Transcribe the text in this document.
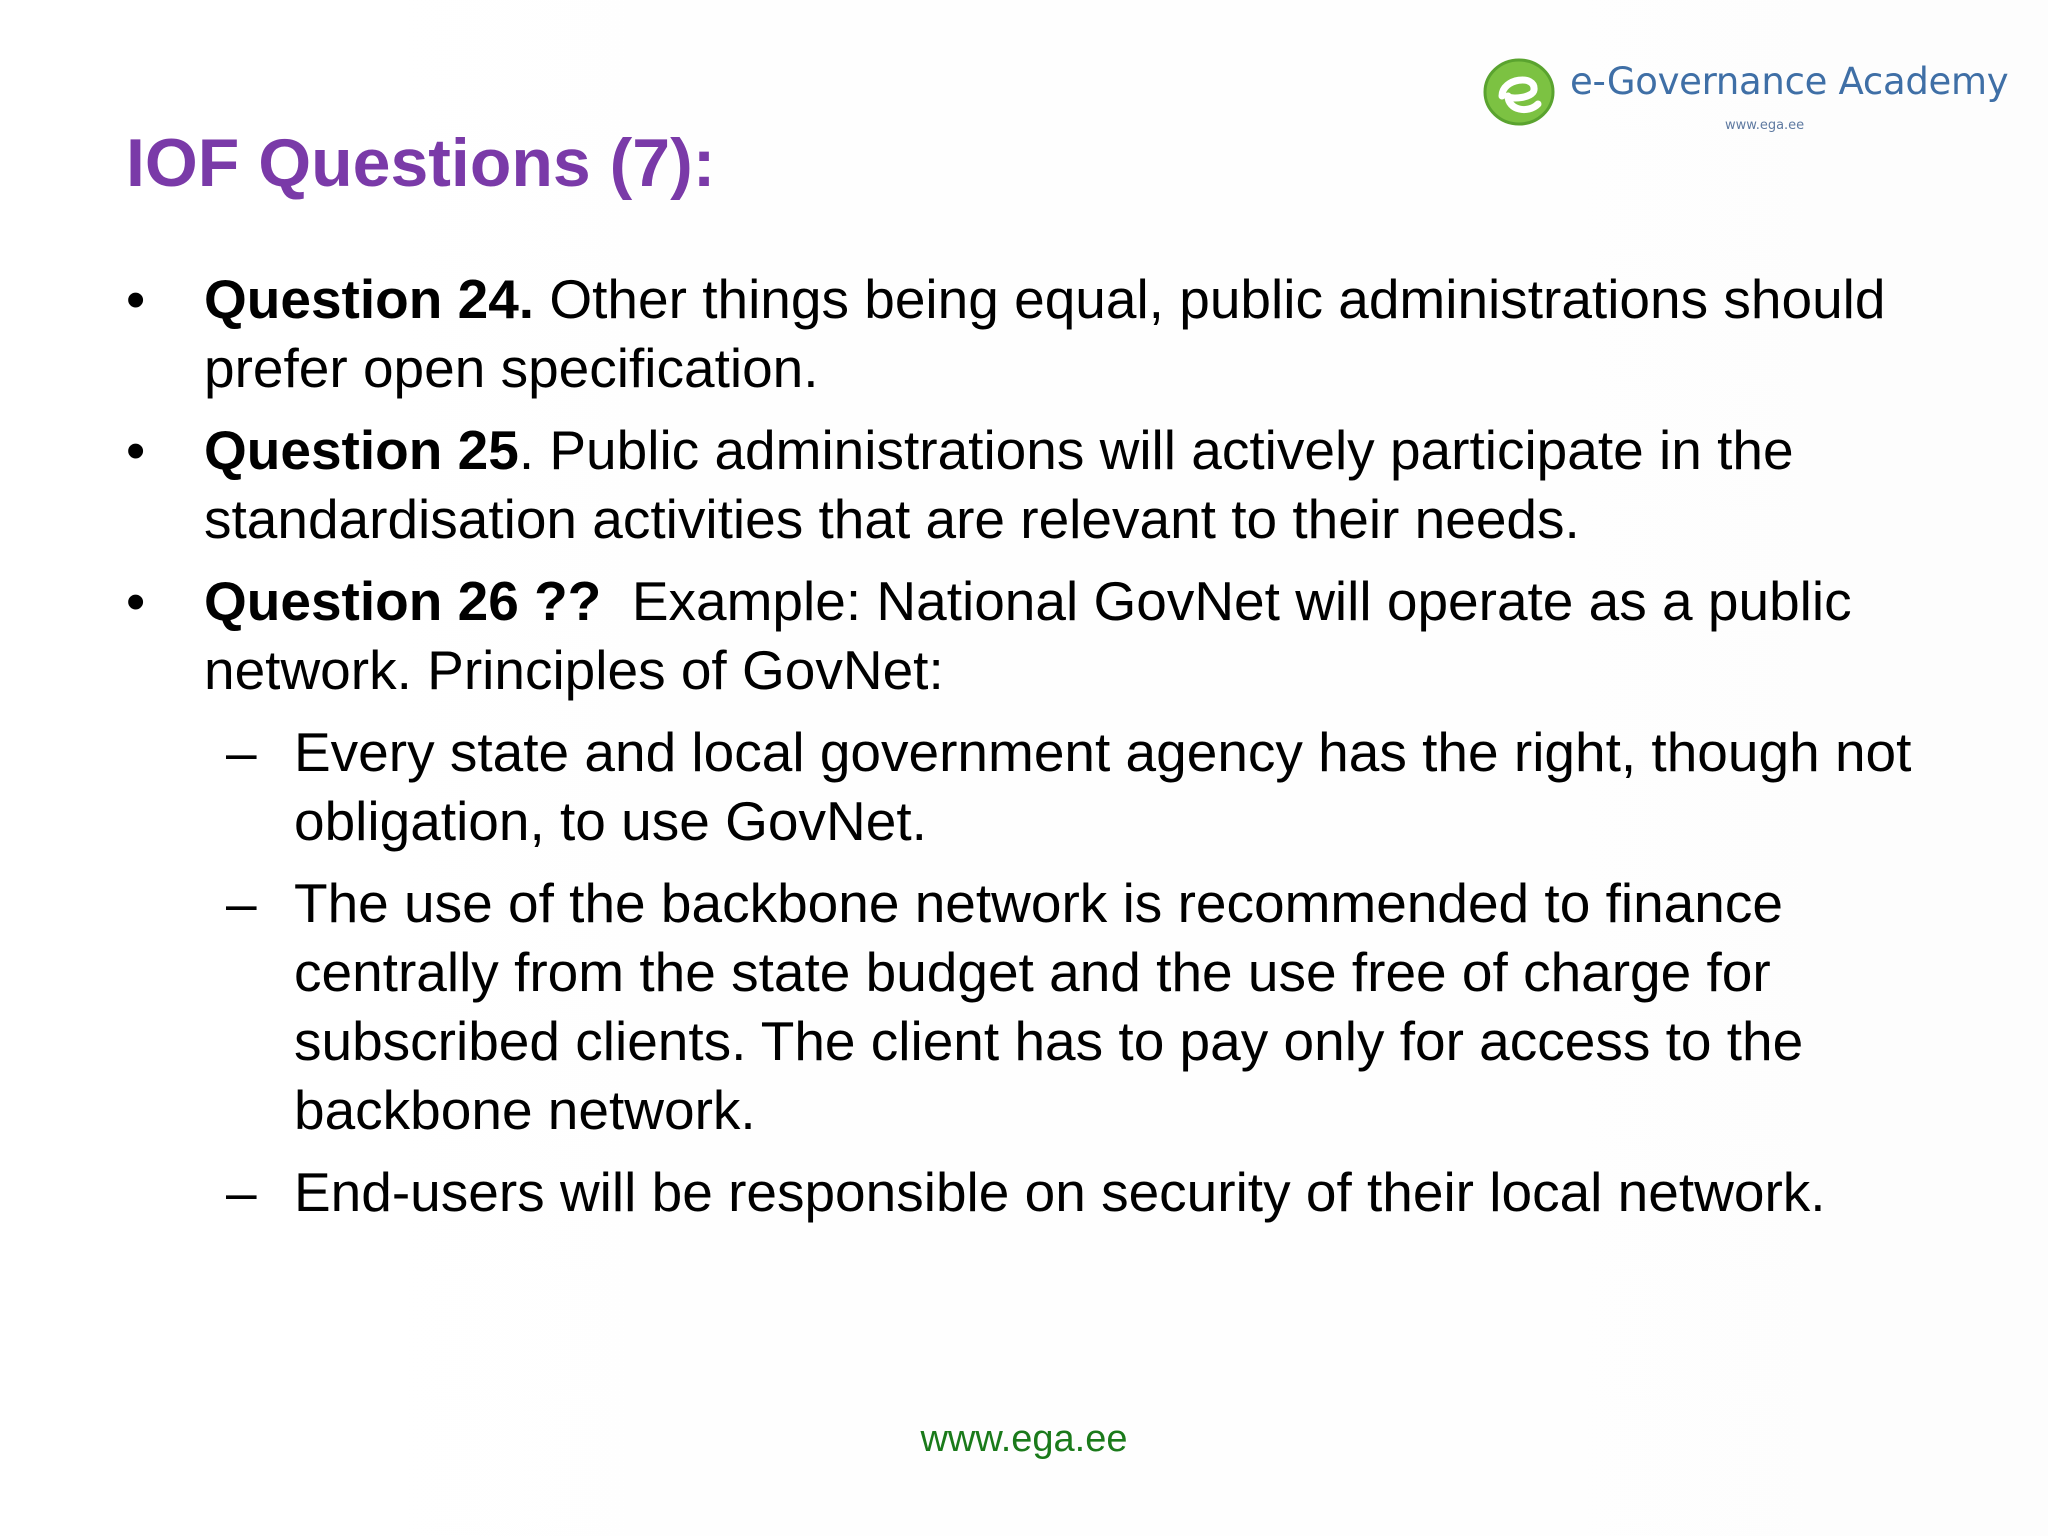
e-Governance Academy
www.ega.ee
IOF Questions (7):
•	Question 24. Other things being equal, public administrations should prefer open specification.
•	Question 25. Public administrations will actively participate in the standardisation activities that are relevant to their needs.
•	Question 26 ??  Example: National GovNet will operate as a public network. Principles of GovNet:
– Every state and local government agency has the right, though not obligation, to use GovNet.
– The use of the backbone network is recommended to finance centrally from the state budget and the use free of charge for subscribed clients. The client has to pay only for access to the backbone network.
– End-users will be responsible on security of their local network.
www.ega.ee
